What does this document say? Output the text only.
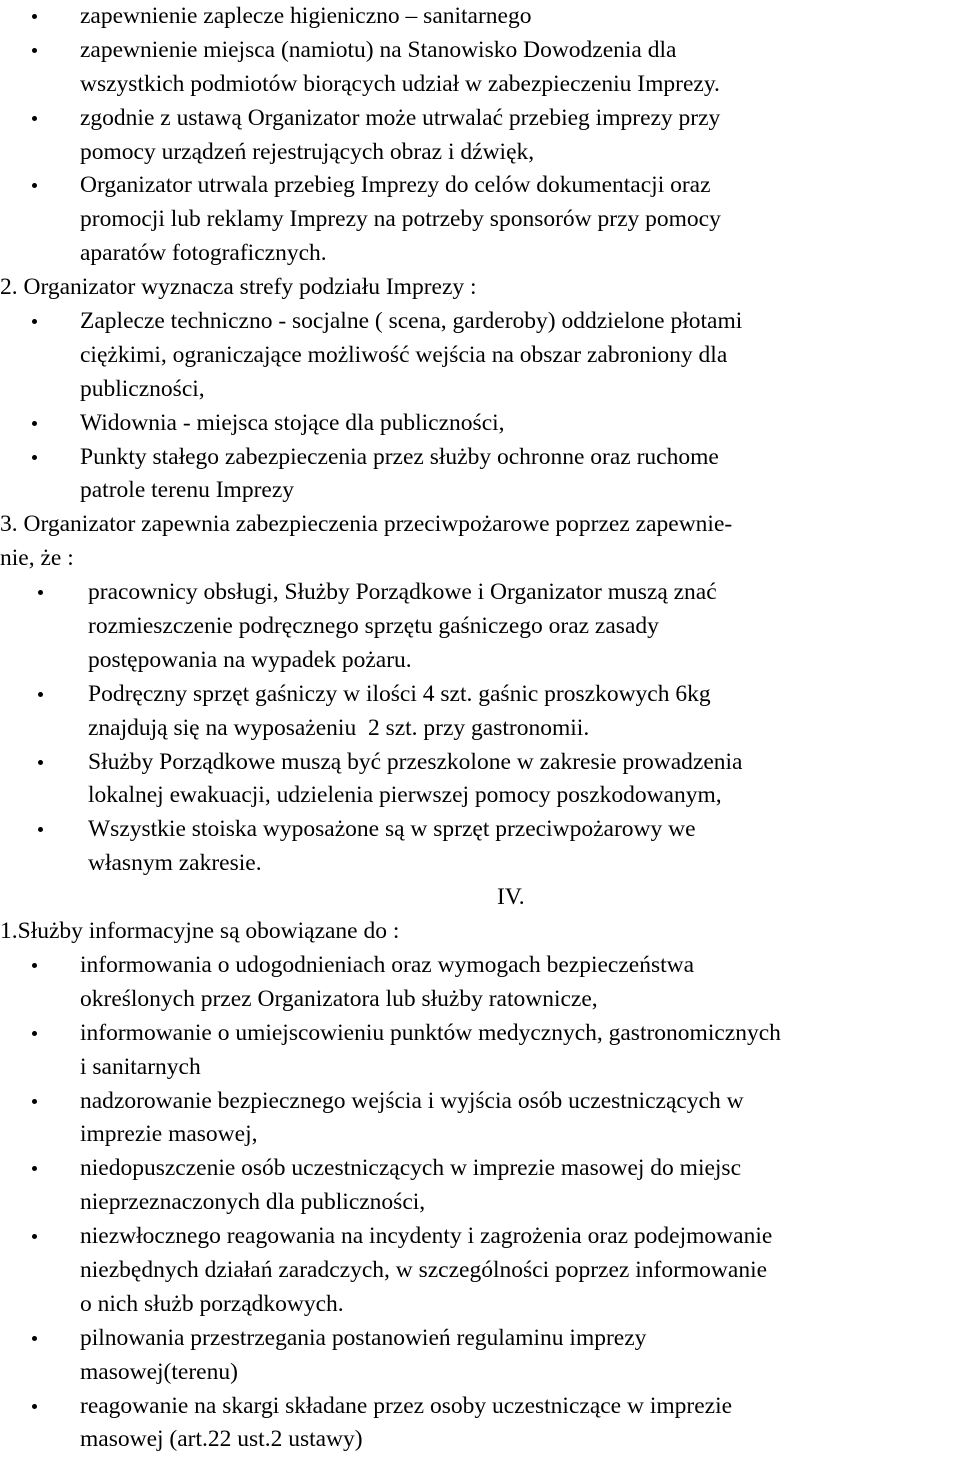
zapewnienie zaplecze higieniczno – sanitarnego
zapewnienie miejsca (namiotu) na Stanowisko Dowodzenia dla
wszystkich podmiotów biorących udział w zabezpieczeniu Imprezy.
zgodnie z ustawą Organizator może utrwalać przebieg imprezy przy
pomocy urządzeń rejestrujących obraz i dźwięk,
Organizator utrwala przebieg Imprezy do celów dokumentacji oraz
promocji lub reklamy Imprezy na potrzeby sponsorów przy pomocy
aparatów fotograficznych.
2. Organizator wyznacza strefy podziału Imprezy :
Zaplecze techniczno - socjalne ( scena, garderoby) oddzielone płotami
ciężkimi, ograniczające możliwość wejścia na obszar zabroniony dla
publiczności,
Widownia - miejsca stojące dla publiczności,
Punkty stałego zabezpieczenia przez służby ochronne oraz ruchome
patrole terenu Imprezy
3. Organizator zapewnia zabezpieczenia przeciwpożarowe poprzez zapewnie-
nie, że :
pracownicy obsługi, Służby Porządkowe i Organizator muszą znać
rozmieszczenie podręcznego sprzętu gaśniczego oraz zasady
postępowania na wypadek pożaru.
Podręczny sprzęt gaśniczy w ilości 4 szt. gaśnic proszkowych 6kg
znajdują się na wyposażeniu  2 szt. przy gastronomii.
Służby Porządkowe muszą być przeszkolone w zakresie prowadzenia
lokalnej ewakuacji, udzielenia pierwszej pomocy poszkodowanym,
Wszystkie stoiska wyposażone są w sprzęt przeciwpożarowy we
własnym zakresie.
IV.
1.Służby informacyjne są obowiązane do :
informowania o udogodnieniach oraz wymogach bezpieczeństwa
określonych przez Organizatora lub służby ratownicze,
informowanie o umiejscowieniu punktów medycznych, gastronomicznych
i sanitarnych
nadzorowanie bezpiecznego wejścia i wyjścia osób uczestniczących w
imprezie masowej,
niedopuszczenie osób uczestniczących w imprezie masowej do miejsc
nieprzeznaczonych dla publiczności,
niezwłocznego reagowania na incydenty i zagrożenia oraz podejmowanie
niezbędnych działań zaradczych, w szczególności poprzez informowanie
o nich służb porządkowych.
pilnowania przestrzegania postanowień regulaminu imprezy
masowej(terenu)
reagowanie na skargi składane przez osoby uczestniczące w imprezie
masowej (art.22 ust.2 ustawy)
